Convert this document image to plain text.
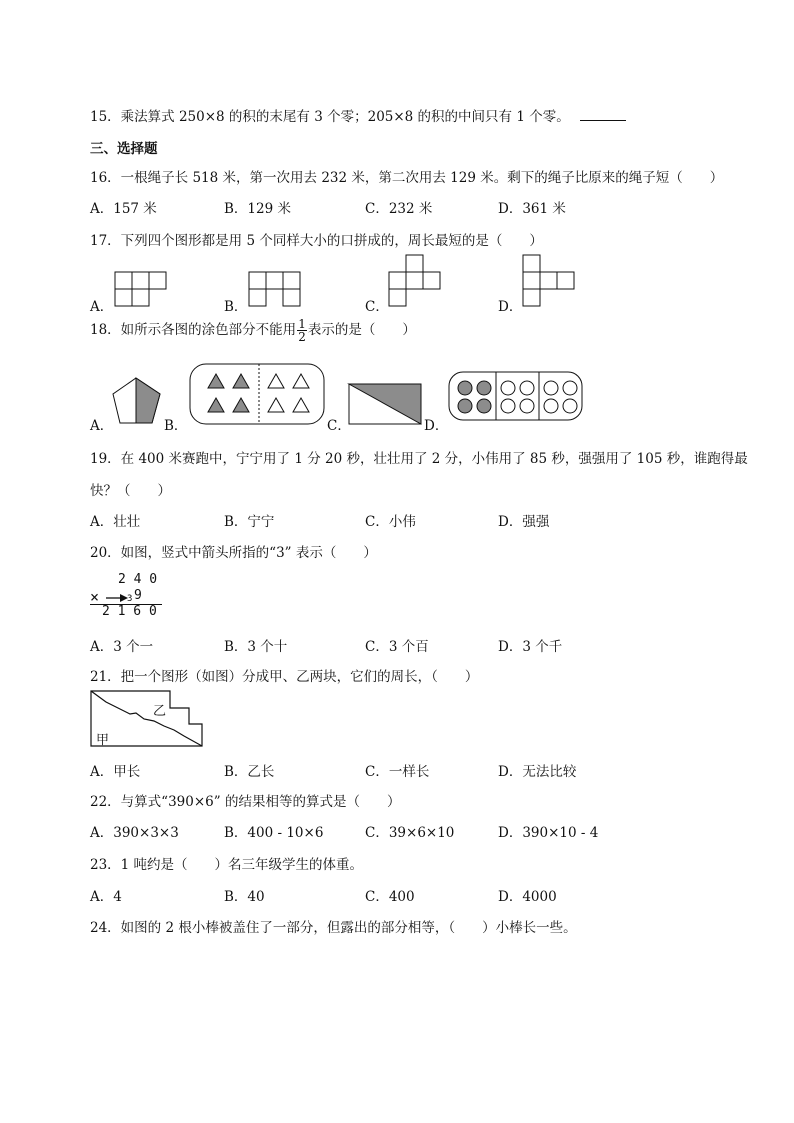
15．乘法算式 250×8 的积的末尾有 3 个零；205×8 的积的中间只有 1 个零。
三、选择题
16．一根绳子长 518 米，第一次用去 232 米，第二次用去 129 米。剩下的绳子比原来的绳子短（　　）
A．157 米	B．129 米	C．232 米	D．361 米
17．下列四个图形都是用 5 个同样大小的口拼成的，周长最短的是（　　）
A．	B．	C．	D．
18．如所示各图的涂色部分不能用 $\frac{1}{2}$ 表示的是（　　）
A．	B．	C．	D．
19．在 400 米赛跑中，宁宁用了 1 分 20 秒，壮壮用了 2 分，小伟用了 85 秒，强强用了 105 秒，谁跑得最
快？（　　）
A．壮壮	B．宁宁	C．小伟	D．强强
20．如图，竖式中箭头所指的“3” 表示（　　）
2 4 0
×	3 9
2 1 6 0
A．3 个一	B．3 个十	C．3 个百	D．3 个千
21．把一个图形（如图）分成甲、乙两块，它们的周长，（　　）
甲
乙
A．甲长	B．乙长	C．一样长	D．无法比较
22．与算式“390×6” 的结果相等的算式是（　　）
A．390×3×3	B．400 - 10×6	C．39×6×10	D．390×10 - 4
23．1 吨约是（　　）名三年级学生的体重。
A．4	B．40	C．400	D．4000
24．如图的 2 根小棒被盖住了一部分，但露出的部分相等，（　　）小棒长一些。
